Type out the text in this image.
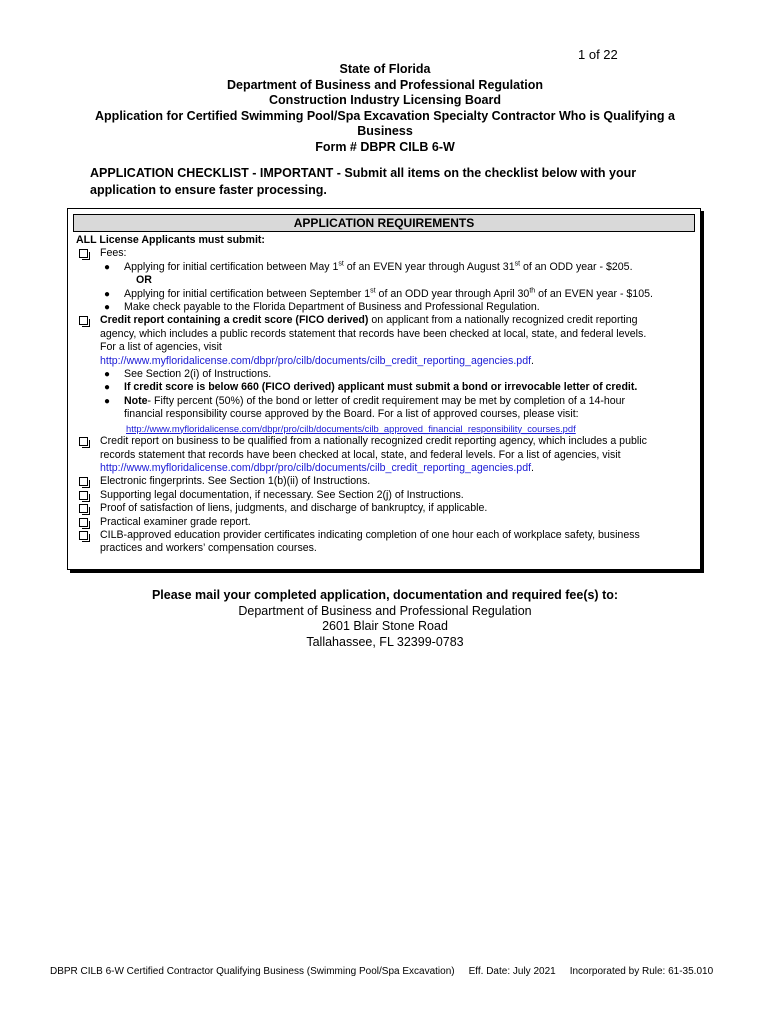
1 of 22
State of Florida
Department of Business and Professional Regulation
Construction Industry Licensing Board
Application for Certified Swimming Pool/Spa Excavation Specialty Contractor Who is Qualifying a
Business
Form # DBPR CILB 6-W
APPLICATION CHECKLIST - IMPORTANT - Submit all items on the checklist below with your
application to ensure faster processing.
APPLICATION REQUIREMENTS
ALL License Applicants must submit:
Fees:
● Applying for initial certification between May 1st of an EVEN year through August 31st of an ODD year - $205.
OR
● Applying for initial certification between September 1st of an ODD year through April 30th of an EVEN year - $105.
● Make check payable to the Florida Department of Business and Professional Regulation.
Credit report containing a credit score (FICO derived) on applicant from a nationally recognized credit reporting
agency, which includes a public records statement that records have been checked at local, state, and federal levels.
For a list of agencies, visit
http://www.myfloridalicense.com/dbpr/pro/cilb/documents/cilb_credit_reporting_agencies.pdf.
● See Section 2(i) of Instructions.
● If credit score is below 660 (FICO derived) applicant must submit a bond or irrevocable letter of credit.
● Note- Fifty percent (50%) of the bond or letter of credit requirement may be met by completion of a 14-hour
financial responsibility course approved by the Board. For a list of approved courses, please visit:
http://www.myfloridalicense.com/dbpr/pro/cilb/documents/cilb_approved_financial_responsibility_courses.pdf
Credit report on business to be qualified from a nationally recognized credit reporting agency, which includes a public
records statement that records have been checked at local, state, and federal levels. For a list of agencies, visit
http://www.myfloridalicense.com/dbpr/pro/cilb/documents/cilb_credit_reporting_agencies.pdf.
Electronic fingerprints. See Section 1(b)(ii) of Instructions.
Supporting legal documentation, if necessary. See Section 2(j) of Instructions.
Proof of satisfaction of liens, judgments, and discharge of bankruptcy, if applicable.
Practical examiner grade report.
CILB-approved education provider certificates indicating completion of one hour each of workplace safety, business
practices and workers’ compensation courses.
Please mail your completed application, documentation and required fee(s) to:
Department of Business and Professional Regulation
2601 Blair Stone Road
Tallahassee, FL 32399-0783
DBPR CILB 6-W Certified Contractor Qualifying Business (Swimming Pool/Spa Excavation) Eff. Date: July 2021 Incorporated by Rule: 61-35.010
